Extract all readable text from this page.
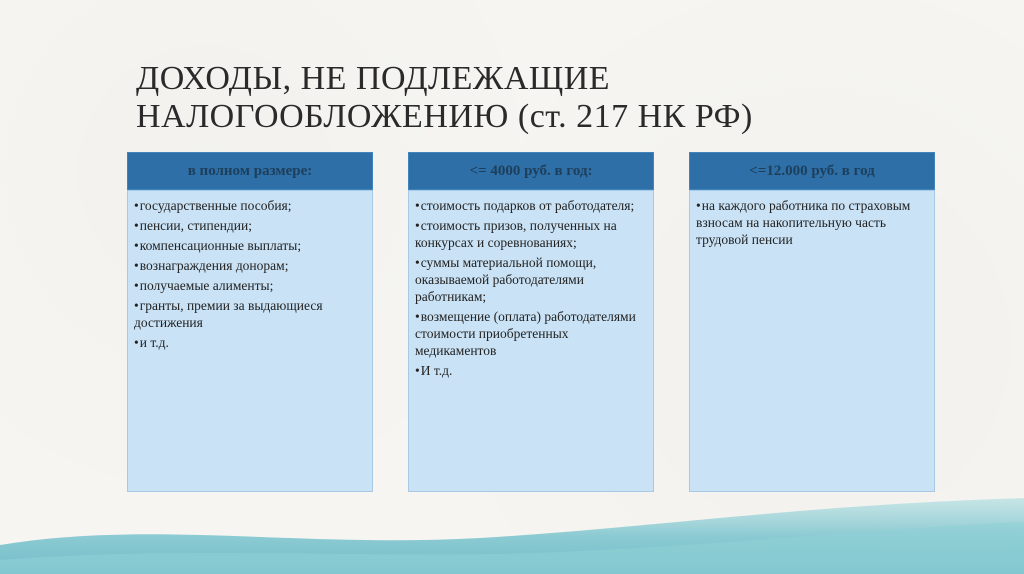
ДОХОДЫ, НЕ ПОДЛЕЖАЩИЕ
НАЛОГООБЛОЖЕНИЮ (ст. 217 НК РФ)
в полном размере:
• государственные пособия;
• пенсии, стипендии;
• компенсационные выплаты;
• вознаграждения донорам;
• получаемые алименты;
• гранты, премии за выдающиеся достижения
• и т.д.
<= 4000 руб. в год:
• стоимость подарков от работодателя;
• стоимость призов, полученных на конкурсах и соревнованиях;
• суммы материальной помощи, оказываемой работодателями работникам;
• возмещение (оплата) работодателями стоимости приобретенных медикаментов
• И т.д.
<=12.000 руб. в год
• на каждого работника по страховым взносам на накопительную часть трудовой пенсии
